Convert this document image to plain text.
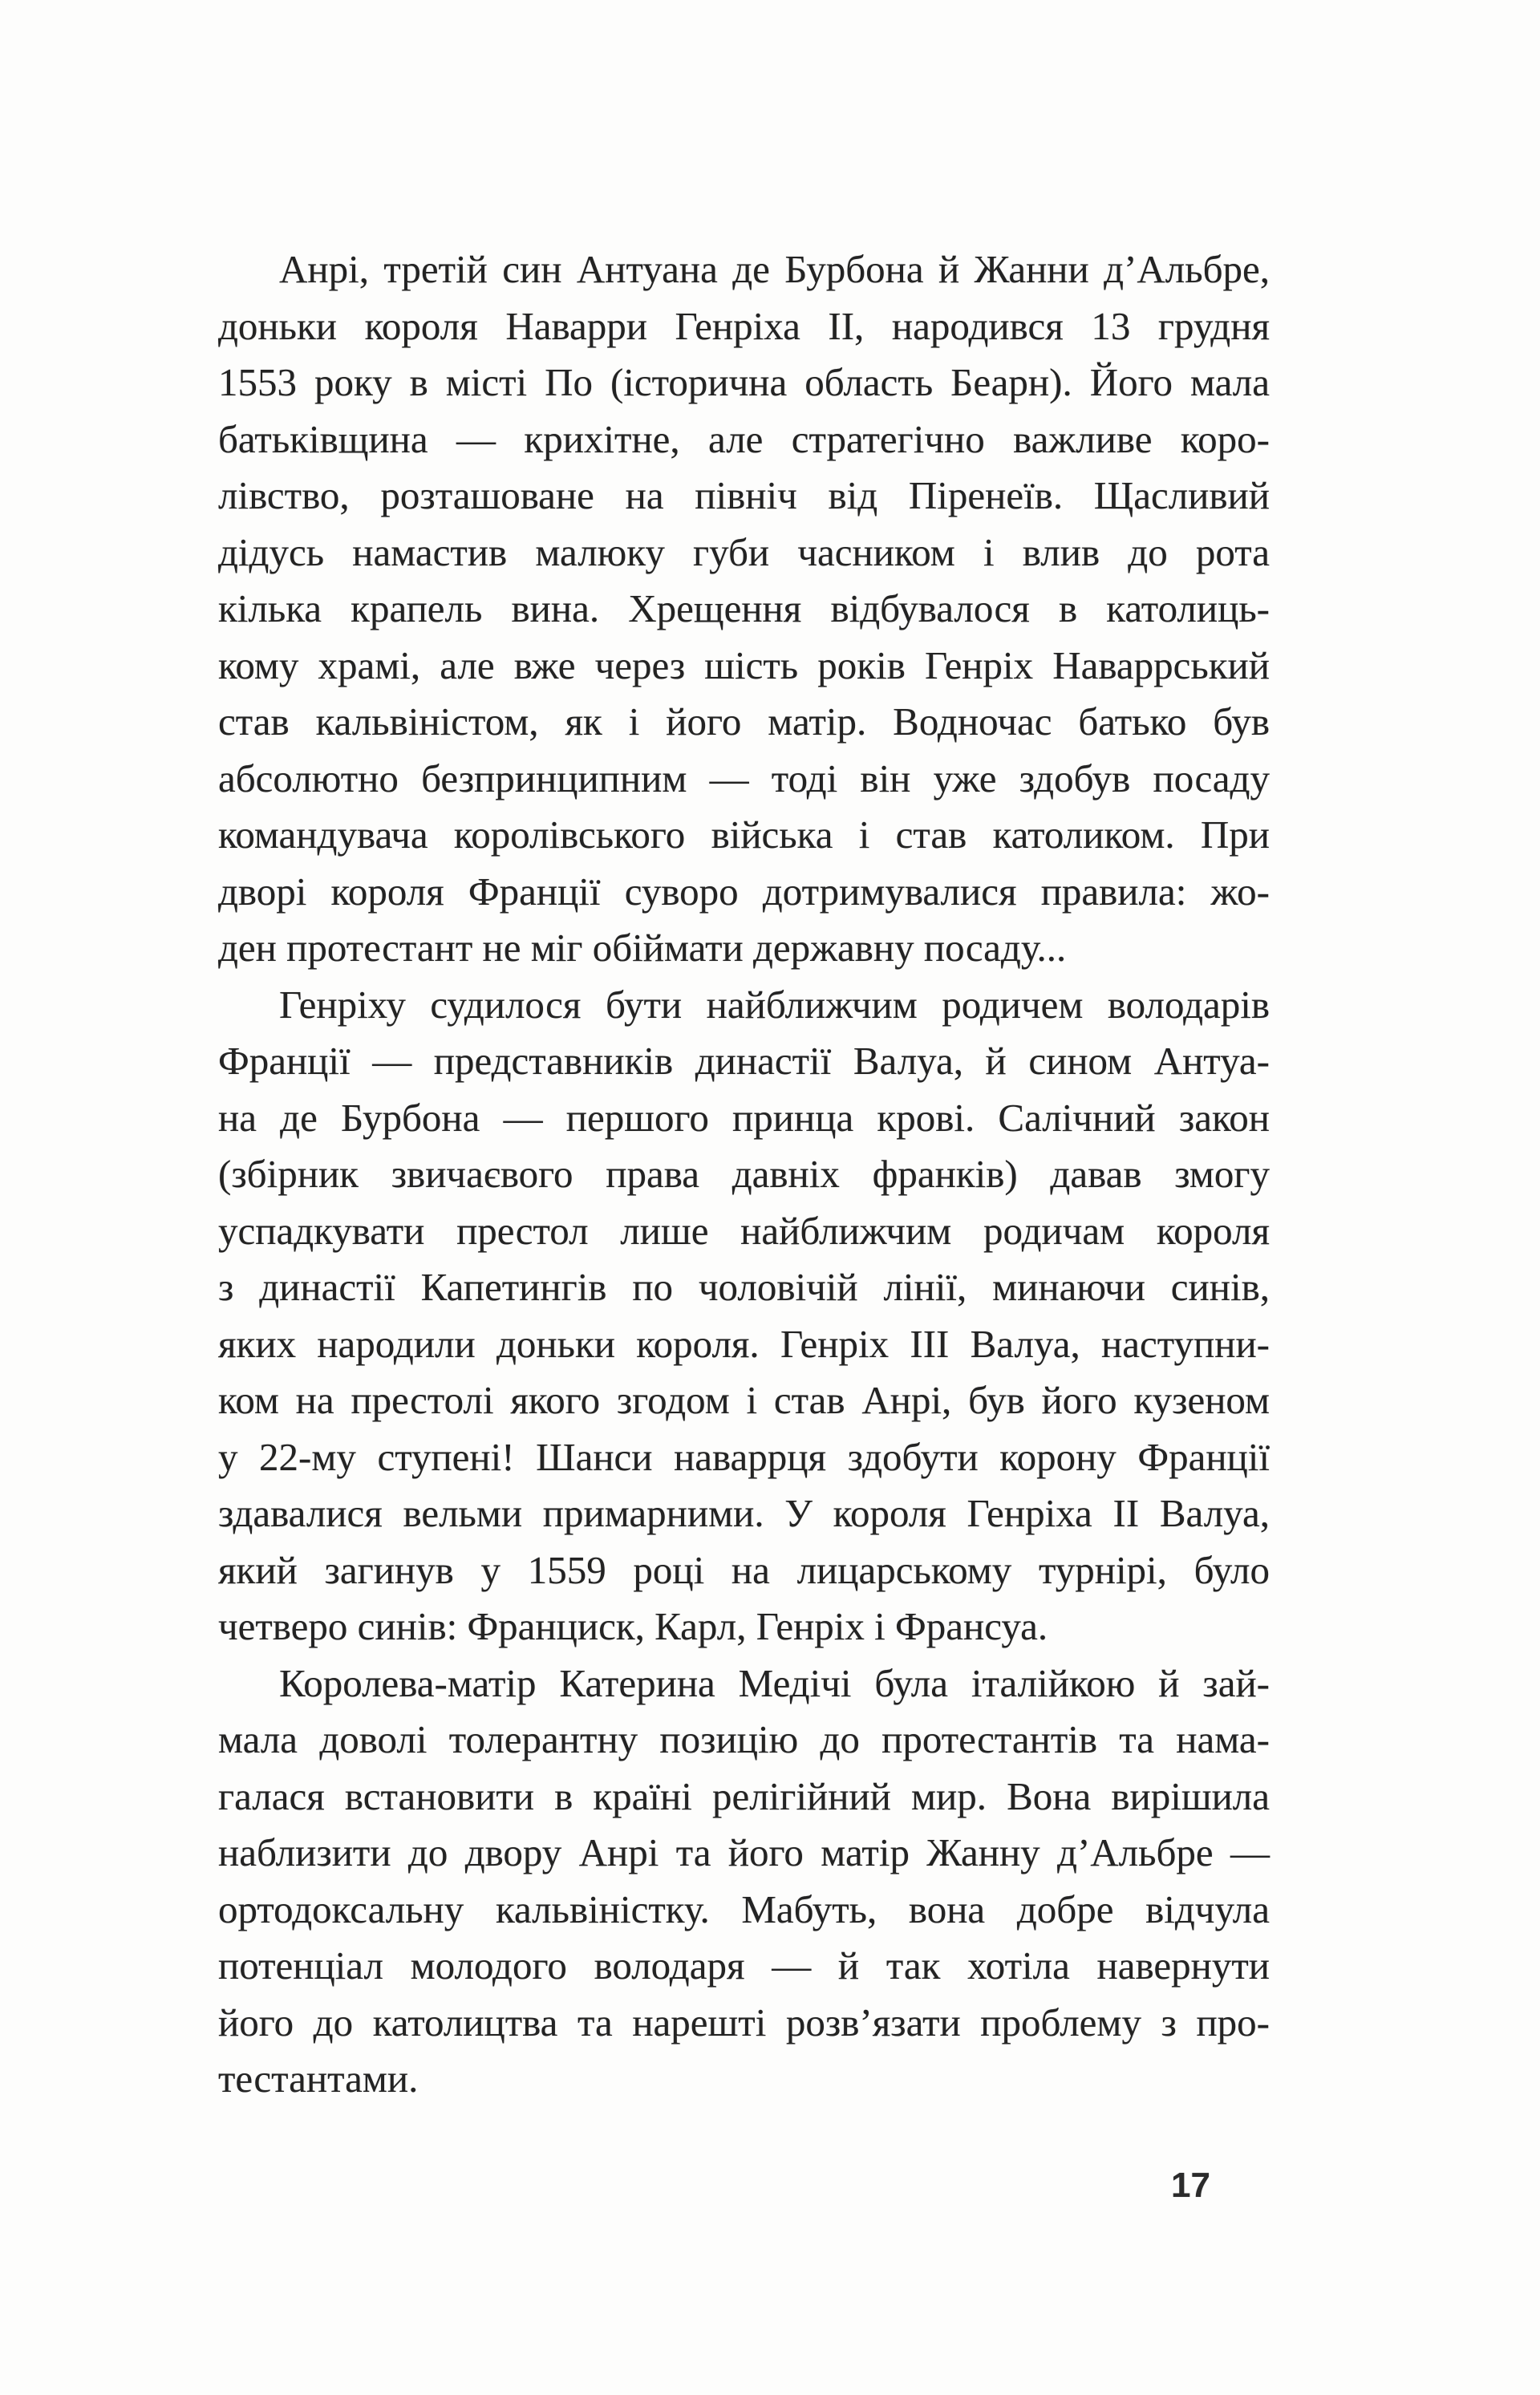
Анрі, третій син Антуана де Бурбона й Жанни д’Альбре,
доньки короля Наварри Генріха II, народився 13 грудня
1553 року в місті По (історична область Беарн). Його мала
батьківщина — крихітне, але стратегічно важливе коро-
лівство, розташоване на північ від Піренеїв. Щасливий
дідусь намастив малюку губи часником і влив до рота
кілька крапель вина. Хрещення відбувалося в католиць-
кому храмі, але вже через шість років Генріх Наваррський
став кальвіністом, як і його матір. Водночас батько був
абсолютно безпринципним — тоді він уже здобув посаду
командувача королівського війська і став католиком. При
дворі короля Франції суворо дотримувалися правила: жо-
ден протестант не міг обіймати державну посаду...
Генріху судилося бути найближчим родичем володарів
Франції — представників династії Валуа, й сином Антуа-
на де Бурбона — першого принца крові. Салічний закон
(збірник звичаєвого права давніх франків) давав змогу
успадкувати престол лише найближчим родичам короля
з династії Капетингів по чоловічій лінії, минаючи синів,
яких народили доньки короля. Генріх III Валуа, наступни-
ком на престолі якого згодом і став Анрі, був його кузеном
у 22-му ступені! Шанси наваррця здобути корону Франції
здавалися вельми примарними. У короля Генріха II Валуа,
який загинув у 1559 році на лицарському турнірі, було
четверо синів: Франциск, Карл, Генріх і Франсуа.
Королева-матір Катерина Медічі була італійкою й зай-
мала доволі толерантну позицію до протестантів та нама-
галася встановити в країні релігійний мир. Вона вирішила
наблизити до двору Анрі та його матір Жанну д’Альбре —
ортодоксальну кальвіністку. Мабуть, вона добре відчула
потенціал молодого володаря — й так хотіла навернути
його до католицтва та нарешті розв’язати проблему з про-
тестантами.
17
